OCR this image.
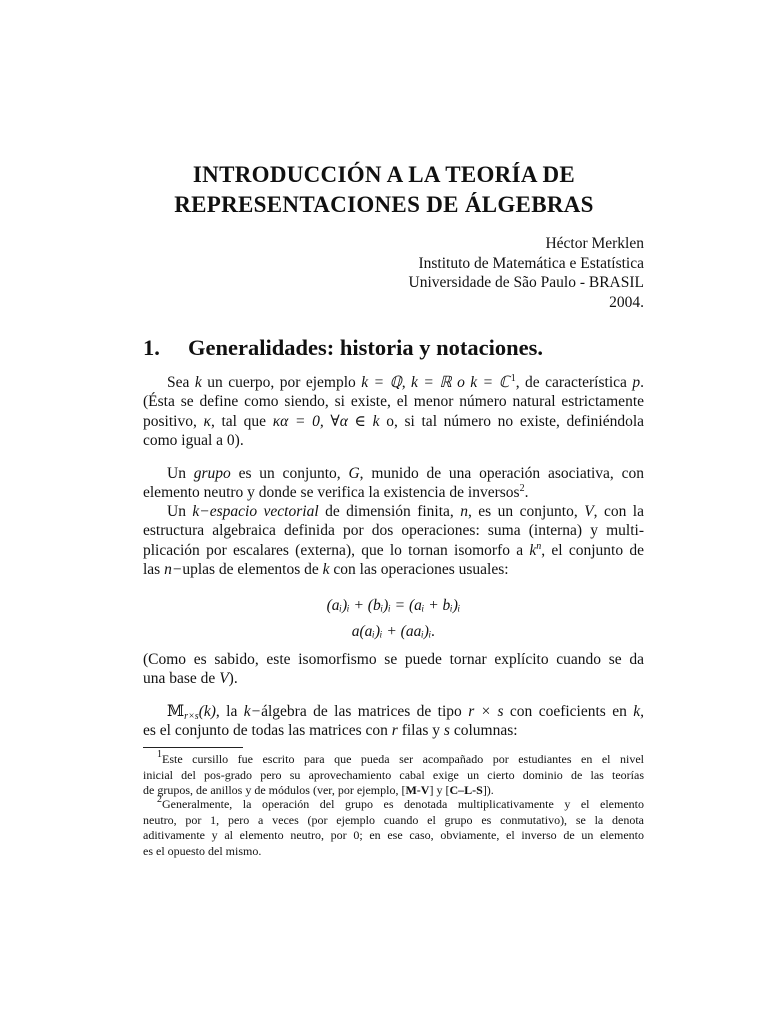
INTRODUCCIÓN A LA TEORÍA DE
REPRESENTACIONES DE ÁLGEBRAS
Héctor Merklen
Instituto de Matemática e Estatística
Universidade de São Paulo - BRASIL
2004.
1. Generalidades: historia y notaciones.
Sea k un cuerpo, por ejemplo k = ℚ, k = ℝ o k = ℂ $^1$, de característica p.
(Ésta se define como siendo, si existe, el menor número natural estrictamente
positivo, κ, tal que κα = 0, ∀α ∈ k o, si tal número no existe, definiéndola
como igual a 0).
Un grupo es un conjunto, G, munido de una operación asociativa, con
elemento neutro y donde se verifica la existencia de inversos$^2$.
Un k−espacio vectorial de dimensión finita, n, es un conjunto, V, con la
estructura algebraica definida por dos operaciones: suma (interna) y multi-
plicación por escalares (externa), que lo tornan isomorfo a $k^n$, el conjunto de
las n−uplas de elementos de k con las operaciones usuales:
(aᵢ)ᵢ + (bᵢ)ᵢ = (aᵢ + bᵢ)ᵢ
a(aᵢ)ᵢ + (aaᵢ)ᵢ.
(Como es sabido, este isomorfismo se puede tornar explícito cuando se da
una base de V).
𝕄$_{r\times s}$(k), la k−álgebra de las matrices de tipo r × s con coeficients en k,
es el conjunto de todas las matrices con r filas y s columnas:
$^1$Este cursillo fue escrito para que pueda ser acompañado por estudiantes en el nivel
inicial del pos-grado pero su aprovechamiento cabal exige un cierto dominio de las teorías
de grupos, de anillos y de módulos (ver, por ejemplo, [M-V] y [C–L-S]).
$^2$Generalmente, la operación del grupo es denotada multiplicativamente y el elemento
neutro, por 1, pero a veces (por ejemplo cuando el grupo es conmutativo), se la denota
aditivamente y al elemento neutro, por 0; en ese caso, obviamente, el inverso de un elemento
es el opuesto del mismo.
